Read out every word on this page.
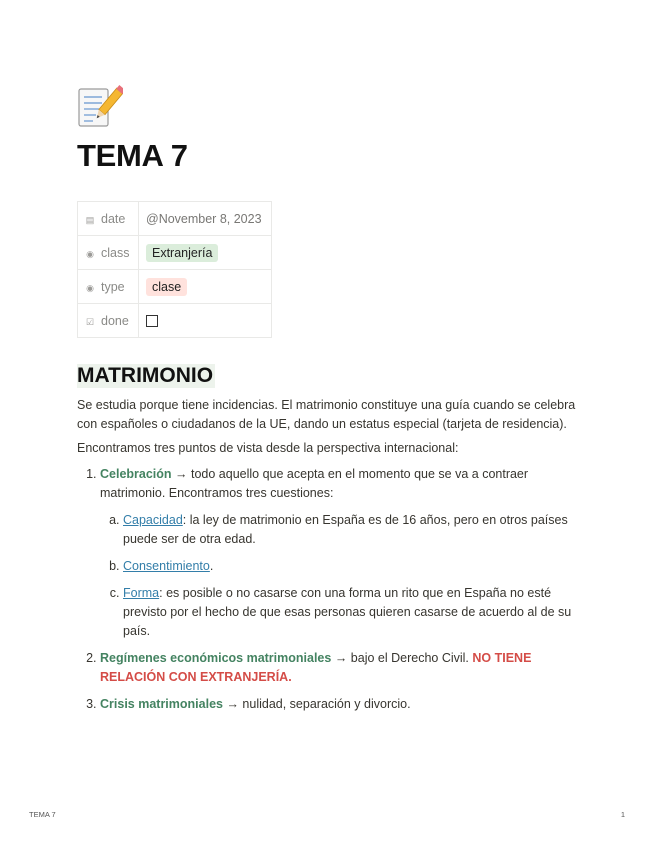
TEMA 7
▤ date	@November 8, 2023
◉ class	Extranjería
◉ type	clase
☑ done	
MATRIMONIO

Se estudia porque tiene incidencias. El matrimonio constituye una guía cuando se celebra con españoles o ciudadanos de la UE, dando un estatus especial (tarjeta de residencia).

Encontramos tres puntos de vista desde la perspectiva internacional:

1. Celebración → todo aquello que acepta en el momento que se va a contraer matrimonio. Encontramos tres cuestiones:
a. Capacidad: la ley de matrimonio en España es de 16 años, pero en otros países puede ser de otra edad.
b. Consentimiento.
c. Forma: es posible o no casarse con una forma un rito que en España no esté previsto por el hecho de que esas personas quieren casarse de acuerdo al de su país.
2. Regímenes económicos matrimoniales → bajo el Derecho Civil. NO TIENE RELACIÓN CON EXTRANJERÍA.
3. Crisis matrimoniales → nulidad, separación y divorcio.
TEMA 7	1
